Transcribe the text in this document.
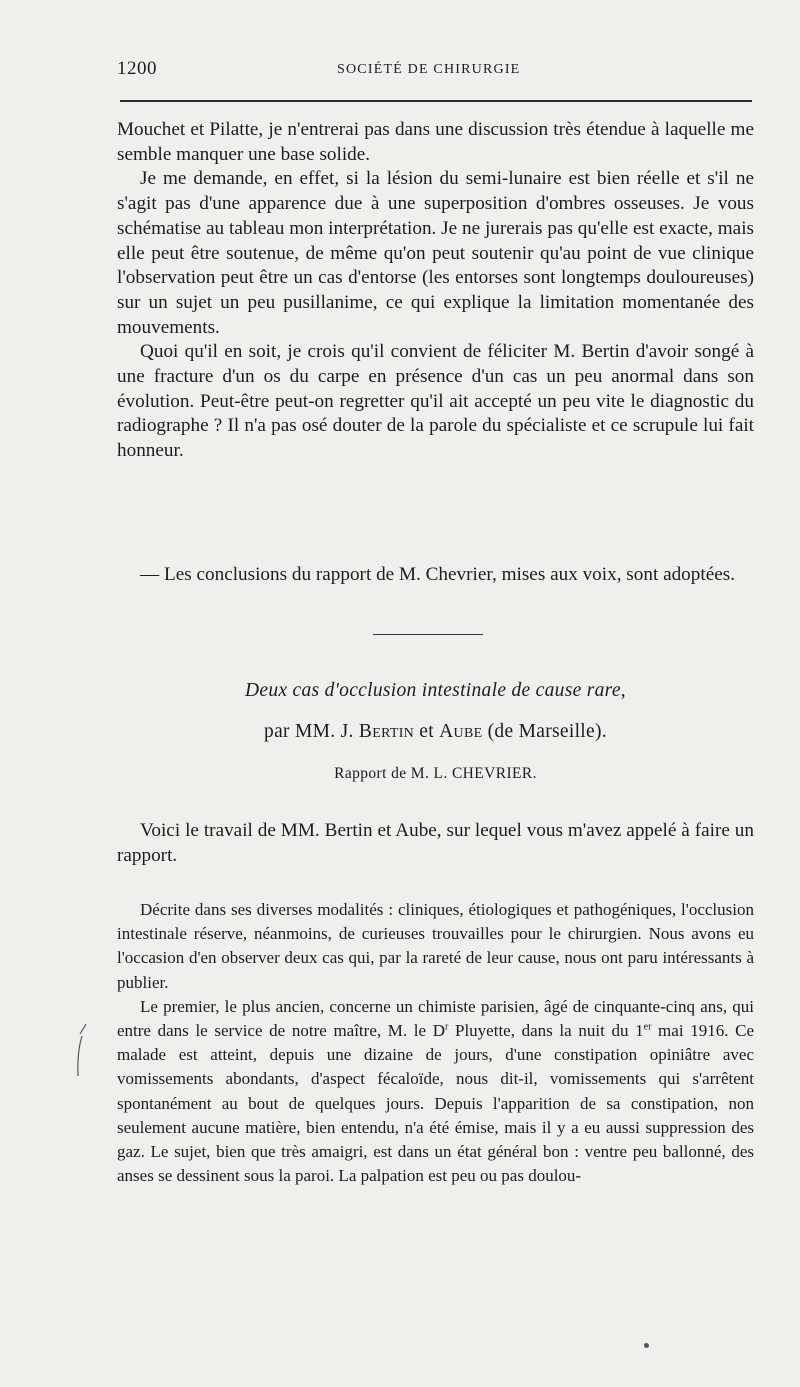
1200	SOCIÉTÉ DE CHIRURGIE

Mouchet et Pilatte, je n'entrerai pas dans une discussion très étendue à laquelle me semble manquer une base solide.

Je me demande, en effet, si la lésion du semi-lunaire est bien réelle et s'il ne s'agit pas d'une apparence due à une superposition d'ombres osseuses. Je vous schématise au tableau mon interprétation. Je ne jurerais pas qu'elle est exacte, mais elle peut être soutenue, de même qu'on peut soutenir qu'au point de vue clinique l'observation peut être un cas d'entorse (les entorses sont longtemps douloureuses) sur un sujet un peu pusillanime, ce qui explique la limitation momentanée des mouvements.

Quoi qu'il en soit, je crois qu'il convient de féliciter M. Bertin d'avoir songé à une fracture d'un os du carpe en présence d'un cas un peu anormal dans son évolution. Peut-être peut-on regretter qu'il ait accepté un peu vite le diagnostic du radiographe ? Il n'a pas osé douter de la parole du spécialiste et ce scrupule lui fait honneur.

— Les conclusions du rapport de M. Chevrier, mises aux voix, sont adoptées.

Deux cas d'occlusion intestinale de cause rare,
par MM. J. Bertin et Aube (de Marseille).
Rapport de M. L. CHEVRIER.

Voici le travail de MM. Bertin et Aube, sur lequel vous m'avez appelé à faire un rapport.

Décrite dans ses diverses modalités : cliniques, étiologiques et pathogéniques, l'occlusion intestinale réserve, néanmoins, de curieuses trouvailles pour le chirurgien. Nous avons eu l'occasion d'en observer deux cas qui, par la rareté de leur cause, nous ont paru intéressants à publier.

Le premier, le plus ancien, concerne un chimiste parisien, âgé de cinquante-cinq ans, qui entre dans le service de notre maître, M. le $D^r$ Pluyette, dans la nuit du 1er mai 1916. Ce malade est atteint, depuis une dizaine de jours, d'une constipation opiniâtre avec vomissements abondants, d'aspect fécaloïde, nous dit-il, vomissements qui s'arrêtent spontanément au bout de quelques jours. Depuis l'apparition de sa constipation, non seulement aucune matière, bien entendu, n'a été émise, mais il y a eu aussi suppression des gaz. Le sujet, bien que très amaigri, est dans un état général bon : ventre peu ballonné, des anses se dessinent sous la paroi. La palpation est peu ou pas doulou-
